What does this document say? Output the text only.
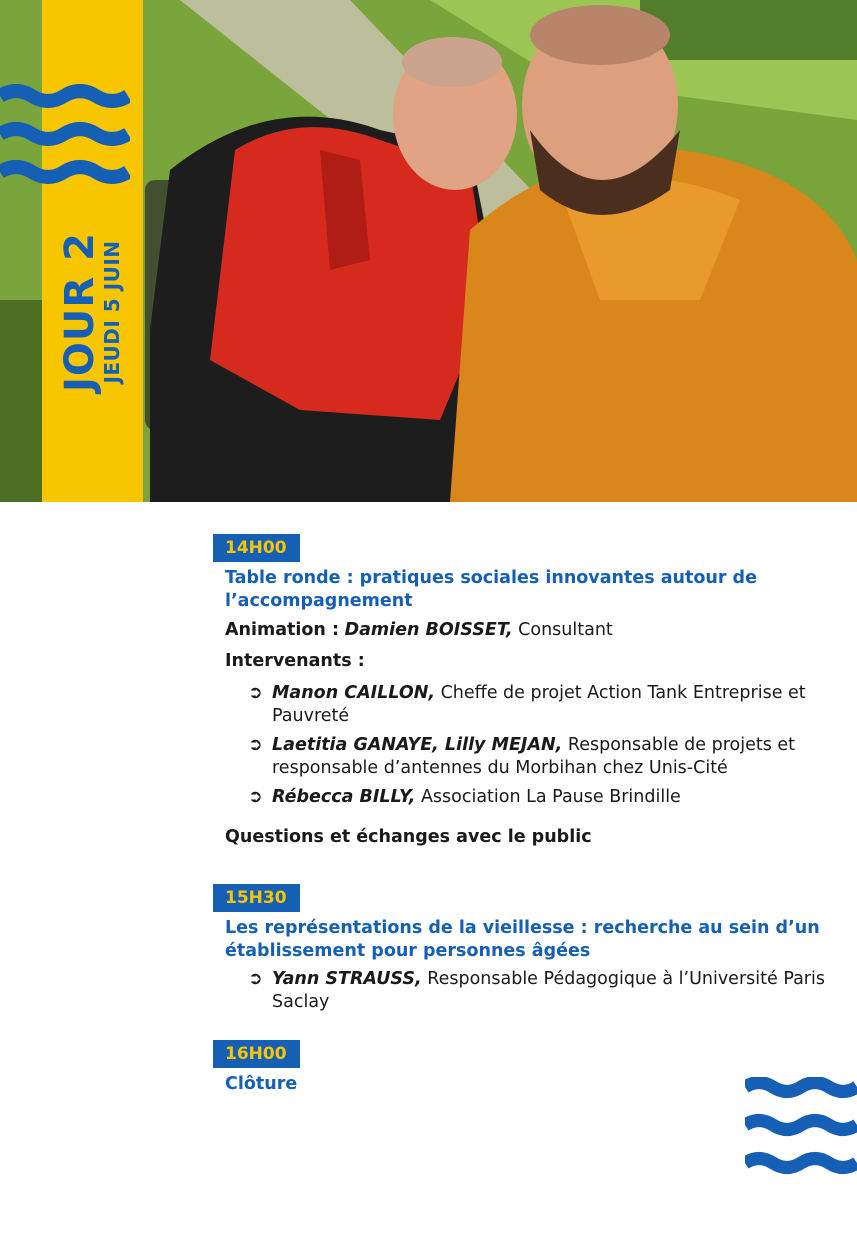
JOUR 2
JEUDI 5 JUIN
14H00
Table ronde : pratiques sociales innovantes autour de l’accompagnement
Animation : Damien BOISSET, Consultant
Intervenants :
➲ Manon CAILLON, Cheffe de projet Action Tank Entreprise et Pauvreté
➲ Laetitia GANAYE, Lilly MEJAN, Responsable de projets et responsable d’antennes du Morbihan chez Unis-Cité
➲ Rébecca BILLY, Association La Pause Brindille
Questions et échanges avec le public
15H30
Les représentations de la vieillesse : recherche au sein d’un établissement pour personnes âgées
➲ Yann STRAUSS, Responsable Pédagogique à l’Université Paris Saclay
16H00
Clôture
